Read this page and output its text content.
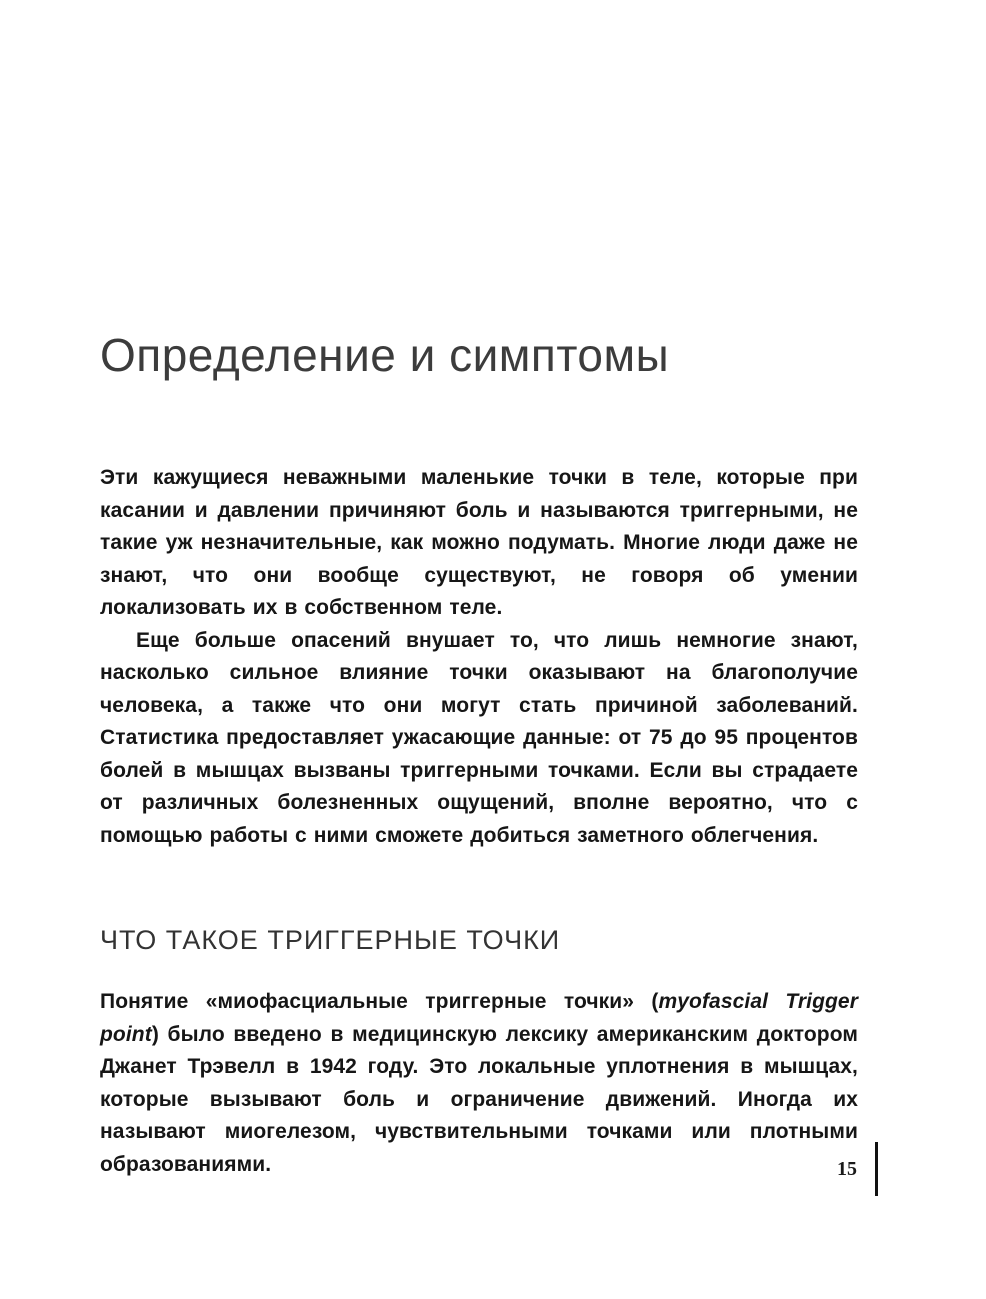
Определение и симптомы

Эти кажущиеся неважными маленькие точки в теле, которые при касании и давлении причиняют боль и называются триггерными, не такие уж незначительные, как можно подумать. Многие люди даже не знают, что они вообще существуют, не говоря об умении локализовать их в собственном теле.

Еще больше опасений внушает то, что лишь немногие знают, насколько сильное влияние точки оказывают на благополучие человека, а также что они могут стать причиной заболеваний. Статистика предоставляет ужасающие данные: от 75 до 95 процентов болей в мышцах вызваны триггерными точками. Если вы страдаете от различных болезненных ощущений, вполне вероятно, что с помощью работы с ними сможете добиться заметного облегчения.

ЧТО ТАКОЕ ТРИГГЕРНЫЕ ТОЧКИ

Понятие «миофасциальные триггерные точки» (myofascial Trigger point) было введено в медицинскую лексику американским доктором Джанет Трэвелл в 1942 году. Это локальные уплотнения в мышцах, которые вызывают боль и ограничение движений. Иногда их называют миогелезом, чувствительными точками или плотными образованиями.	15
